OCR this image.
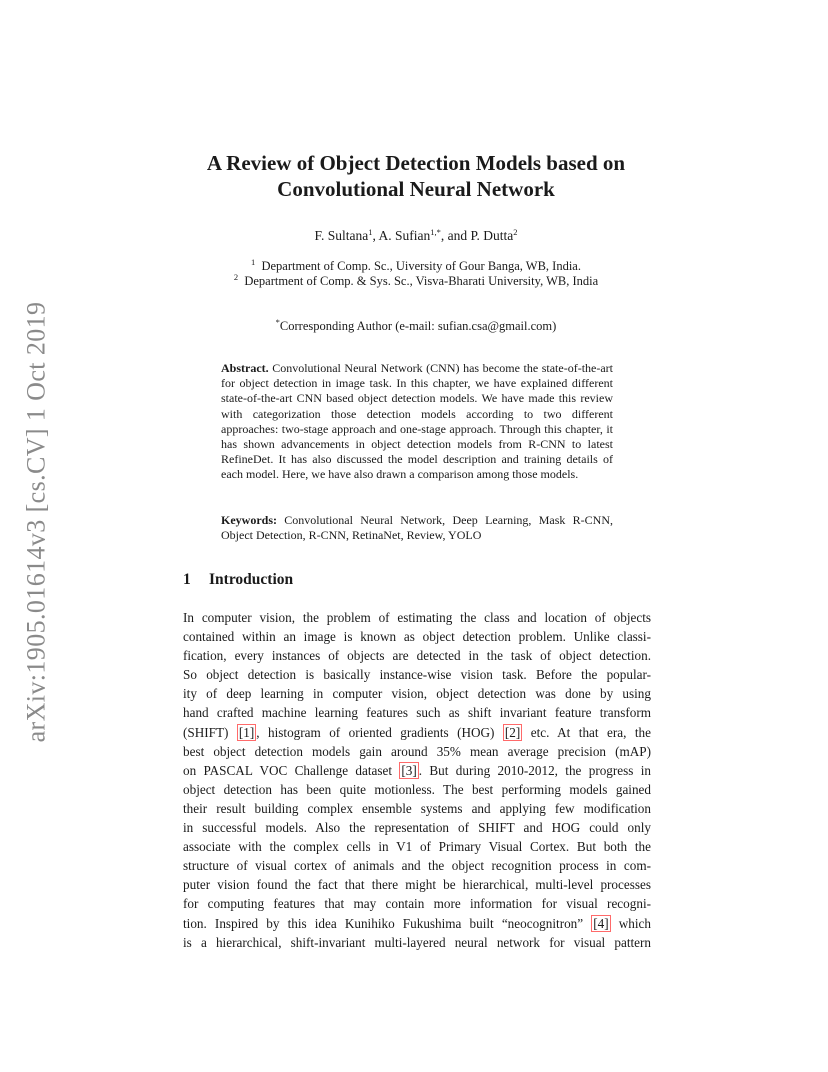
arXiv:1905.01614v3 [cs.CV] 1 Oct 2019
A Review of Object Detection Models based on
Convolutional Neural Network
F. Sultana$^1$, A. Sufian$^{1,*}$, and P. Dutta$^2$
$^1$ Department of Comp. Sc., Uiversity of Gour Banga, WB, India.
$^2$ Department of Comp. & Sys. Sc., Visva-Bharati University, WB, India
*Corresponding Author (e-mail: sufian.csa@gmail.com)
Abstract. Convolutional Neural Network (CNN) has become the state-of-the-art for object detection in image task. In this chapter, we have explained different state-of-the-art CNN based object detection models. We have made this review with categorization those detection models according to two different approaches: two-stage approach and one-stage approach. Through this chapter, it has shown advancements in object detection models from R-CNN to latest RefineDet. It has also discussed the model description and training details of each model. Here, we have also drawn a comparison among those models.
Keywords: Convolutional Neural Network, Deep Learning, Mask R-CNN, Object Detection, R-CNN, RetinaNet, Review, YOLO
1 Introduction
In computer vision, the problem of estimating the class and location of objects
contained within an image is known as object detection problem. Unlike classi-
fication, every instances of objects are detected in the task of object detection.
So object detection is basically instance-wise vision task. Before the popular-
ity of deep learning in computer vision, object detection was done by using
hand crafted machine learning features such as shift invariant feature transform
(SHIFT) [1] , histogram of oriented gradients (HOG) [2] etc. At that era, the
best object detection models gain around 35% mean average precision (mAP)
on PASCAL VOC Challenge dataset [3] . But during 2010-2012, the progress in
object detection has been quite motionless. The best performing models gained
their result building complex ensemble systems and applying few modification
in successful models. Also the representation of SHIFT and HOG could only
associate with the complex cells in V1 of Primary Visual Cortex. But both the
structure of visual cortex of animals and the object recognition process in com-
puter vision found the fact that there might be hierarchical, multi-level processes
for computing features that may contain more information for visual recogni-
tion. Inspired by this idea Kunihiko Fukushima built “neocognitron” [4] which
is a hierarchical, shift-invariant multi-layered neural network for visual pattern
